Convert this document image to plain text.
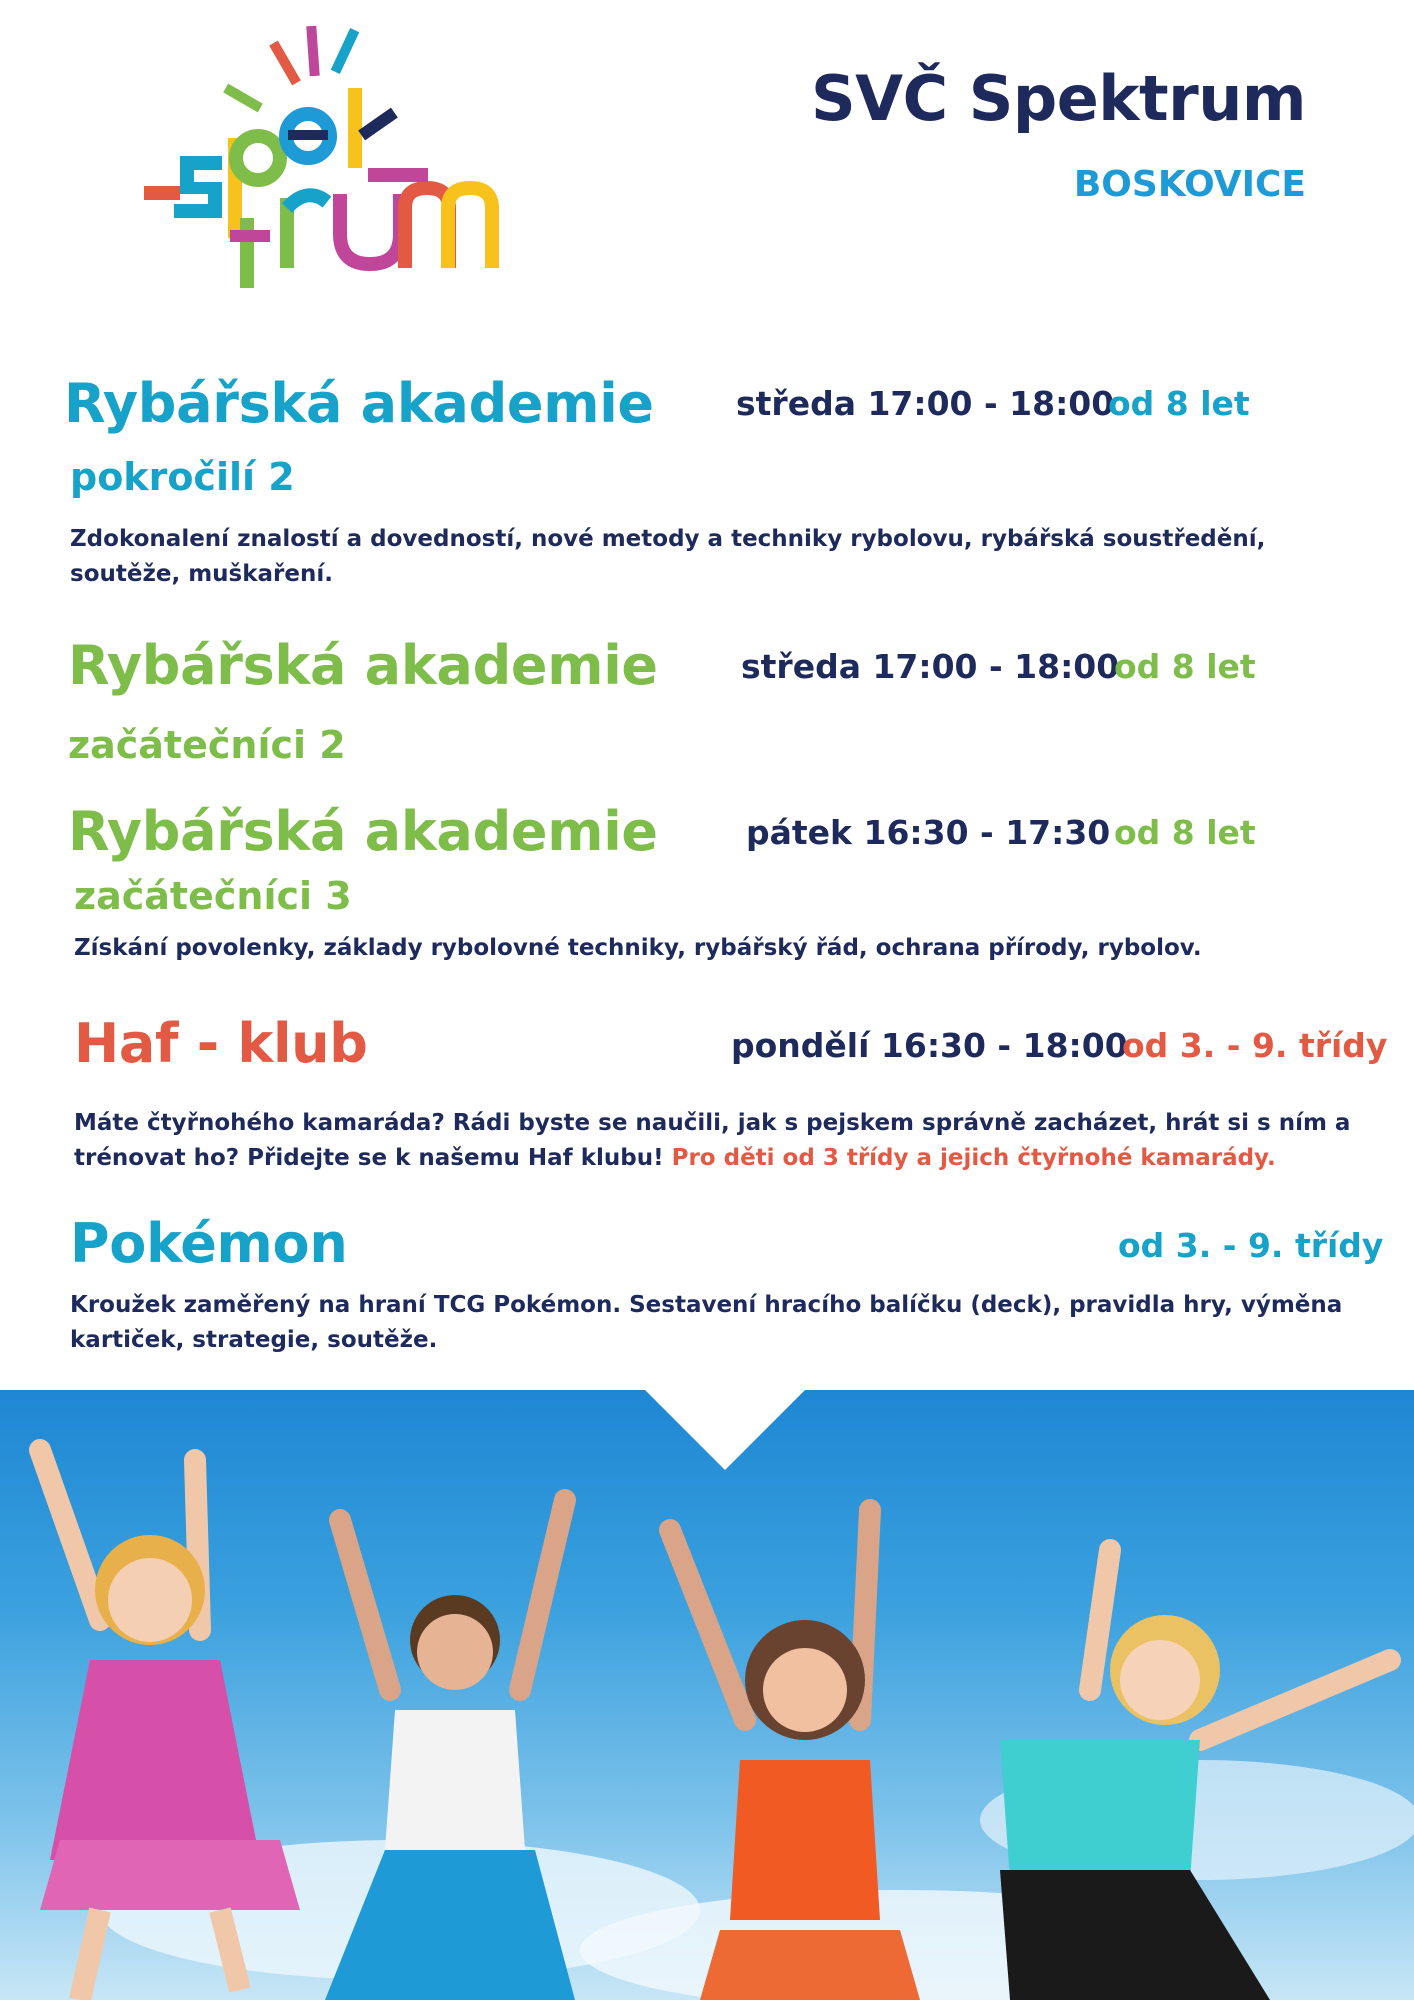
SVČ Spektrum
BOSKOVICE
Rybářská akademie středa 17:00 - 18:00
od 8 let
pokročilí 2
Zdokonalení znalostí a dovedností, nové metody a techniky rybolovu, rybářská soustředění, soutěže, muškaření.
Rybářská akademie	středa 17:00 - 18:00
od 8 let
začátečníci 2
Rybářská akademie	pátek 16:30 - 17:30 od 8 let
začátečníci 3
Získání povolenky, základy rybolovné techniky, rybářský řád, ochrana přírody, rybolov.
Haf - klub	pondělí 16:30 - 18:00
od 3. - 9. třídy
Máte čtyřnohého kamaráda? Rádi byste se naučili, jak s pejskem správně zacházet, hrát si s ním a trénovat ho? Přidejte se k našemu Haf klubu! Pro děti od 3 třídy a jejich čtyřnohé kamarády.
Pokémon	od 3. - 9. třídy
Kroužek zaměřený na hraní TCG Pokémon. Sestavení hracího balíčku (deck), pravidla hry, výměna kartiček, strategie, soutěže.
